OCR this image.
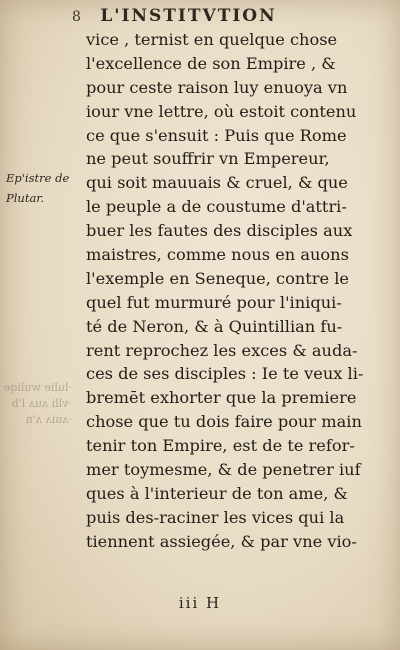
·lulie wuliqe
·vlli ʌuʌ l'b
·ʌuiʌ ʌ'n
8 L'INSTITVTION
Ep'istre de
Plutar.
vice , ternist en quelque chose
l'excellence de son Empire , &
pour ceste raison luy enuoya vn
iour vne lettre, où estoit contenu
ce que s'ensuit : Puis que Rome
ne peut souffrir vn Empereur,
qui soit mauuais & cruel, & que
le peuple a de coustume d'attri-
buer les fautes des disciples aux
maistres, comme nous en auons
l'exemple en Seneque, contre le
quel fut murmuré pour l'iniqui-
té de Neron, & à Quintillian fu-
rent reprochez les exces & auda-
ces de ses disciples : Ie te veux li-
bremēt exhorter que la premiere
chose que tu dois faire pour main
tenir ton Empire, est de te refor-
mer toymesme, & de penetrer iuf
ques à l'interieur de ton ame, &
puis des-raciner les vices qui la
tiennent assiegée, & par vne vio-
iii H
